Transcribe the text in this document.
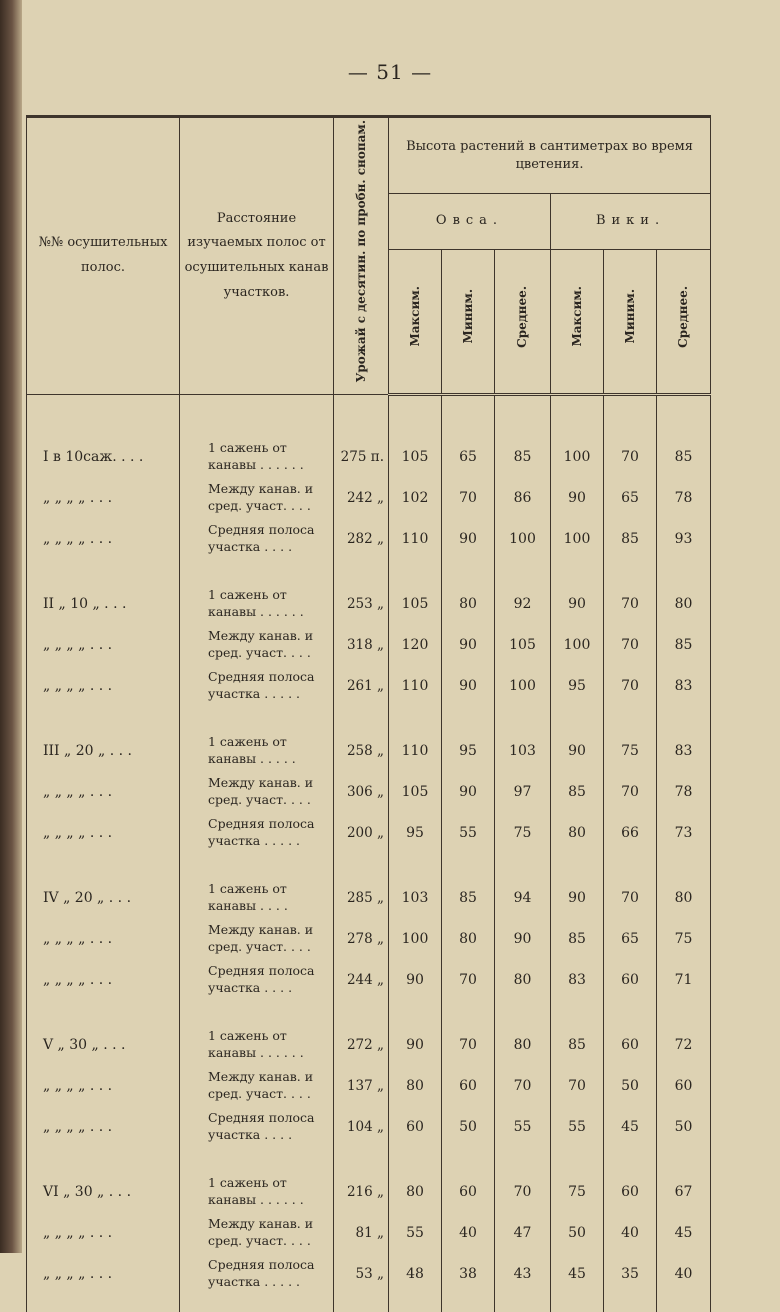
— 51 —
№№ осушительных полос.	Расстояние изучаемых полос от осушительных канав участков.	Урожай с десятин. по пробн. снопам.	Высота растений в сантиметрах во время цветения.					
			Овса.			Вики.		
			Максим.	Миним.	Среднее.	Максим.	Миним.	Среднее.

I в 10саж. . . .	1 сажень от канавы . . . . . .	275 п.	105	65	85	100	70	85
„ „ „ „ . . .	Между канав. и сред. участ. . . .	242 „	102	70	86	90	65	78
„ „ „ „ . . .	Средняя полоса участка . . . .	282 „	110	90	100	100	85	93

II „ 10 „ . . .	1 сажень от канавы . . . . . .	253 „	105	80	92	90	70	80
„ „ „ „ . . .	Между канав. и сред. участ. . . .	318 „	120	90	105	100	70	85
„ „ „ „ . . .	Средняя полоса участка . . . . .	261 „	110	90	100	95	70	83

III „ 20 „ . . .	1 сажень от канавы . . . . .	258 „	110	95	103	90	75	83
„ „ „ „ . . .	Между канав. и сред. участ. . . .	306 „	105	90	97	85	70	78
„ „ „ „ . . .	Средняя полоса участка . . . . .	200 „	95	55	75	80	66	73

IV „ 20 „ . . .	1 сажень от канавы . . . .	285 „	103	85	94	90	70	80
„ „ „ „ . . .	Между канав. и сред. участ. . . .	278 „	100	80	90	85	65	75
„ „ „ „ . . .	Средняя полоса участка . . . .	244 „	90	70	80	83	60	71

V „ 30 „ . . .	1 сажень от канавы . . . . . .	272 „	90	70	80	85	60	72
„ „ „ „ . . .	Между канав. и сред. участ. . . .	137 „	80	60	70	70	50	60
„ „ „ „ . . .	Средняя полоса участка . . . .	104 „	60	50	55	55	45	50

VI „ 30 „ . . .	1 сажень от канавы . . . . . .	216 „	80	60	70	75	60	67
„ „ „ „ . . .	Между канав. и сред. участ. . . .	81 „	55	40	47	50	40	45
„ „ „ „ . . .	Средняя полоса участка . . . . .	53 „	48	38	43	45	35	40
